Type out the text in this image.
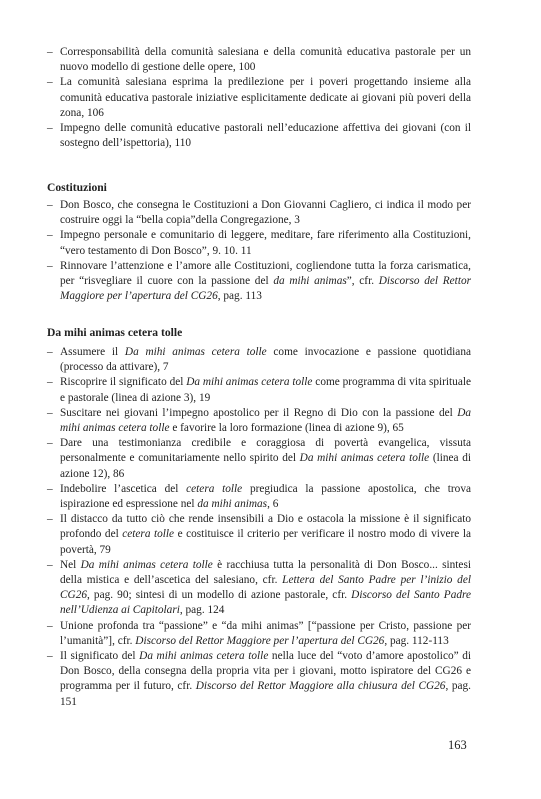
– Corresponsabilità della comunità salesiana e della comunità educativa pastorale per un nuovo modello di gestione delle opere, 100
– La comunità salesiana esprima la predilezione per i poveri progettando insieme alla comunità educativa pastorale iniziative esplicitamente dedicate ai giovani più poveri della zona, 106
– Impegno delle comunità educative pastorali nell’educazione affettiva dei giovani (con il sostegno dell’ispettoria), 110
Costituzioni
– Don Bosco, che consegna le Costituzioni a Don Giovanni Cagliero, ci indica il modo per costruire oggi la “bella copia”della Congregazione, 3
– Impegno personale e comunitario di leggere, meditare, fare riferimento alla Costituzioni, “vero testamento di Don Bosco”, 9. 10. 11
– Rinnovare l’attenzione e l’amore alle Costituzioni, cogliendone tutta la forza carismatica, per “risvegliare il cuore con la passione del da mihi animas”, cfr. Discorso del Rettor Maggiore per l’apertura del CG26, pag. 113
Da mihi animas cetera tolle
– Assumere il Da mihi animas cetera tolle come invocazione e passione quotidiana (processo da attivare), 7
– Riscoprire il significato del Da mihi animas cetera tolle come programma di vita spirituale e pastorale (linea di azione 3), 19
– Suscitare nei giovani l’impegno apostolico per il Regno di Dio con la passione del Da mihi animas cetera tolle e favorire la loro formazione (linea di azione 9), 65
– Dare una testimonianza credibile e coraggiosa di povertà evangelica, vissuta personalmente e comunitariamente nello spirito del Da mihi animas cetera tolle (linea di azione 12), 86
– Indebolire l’ascetica del cetera tolle pregiudica la passione apostolica, che trova ispirazione ed espressione nel da mihi animas, 6
– Il distacco da tutto ciò che rende insensibili a Dio e ostacola la missione è il significato profondo del cetera tolle e costituisce il criterio per verificare il nostro modo di vivere la povertà, 79
– Nel Da mihi animas cetera tolle è racchiusa tutta la personalità di Don Bosco... sintesi della mistica e dell’ascetica del salesiano, cfr. Lettera del Santo Padre per l’inizio del CG26, pag. 90; sintesi di un modello di azione pastorale, cfr. Discorso del Santo Padre nell’Udienza ai Capitolari, pag. 124
– Unione profonda tra “passione” e “da mihi animas” [“passione per Cristo, passione per l’umanità”], cfr. Discorso del Rettor Maggiore per l’apertura del CG26, pag. 112-113
– Il significato del Da mihi animas cetera tolle nella luce del “voto d’amore apostolico” di Don Bosco, della consegna della propria vita per i giovani, motto ispiratore del CG26 e programma per il futuro, cfr. Discorso del Rettor Maggiore alla chiusura del CG26, pag. 151
163
